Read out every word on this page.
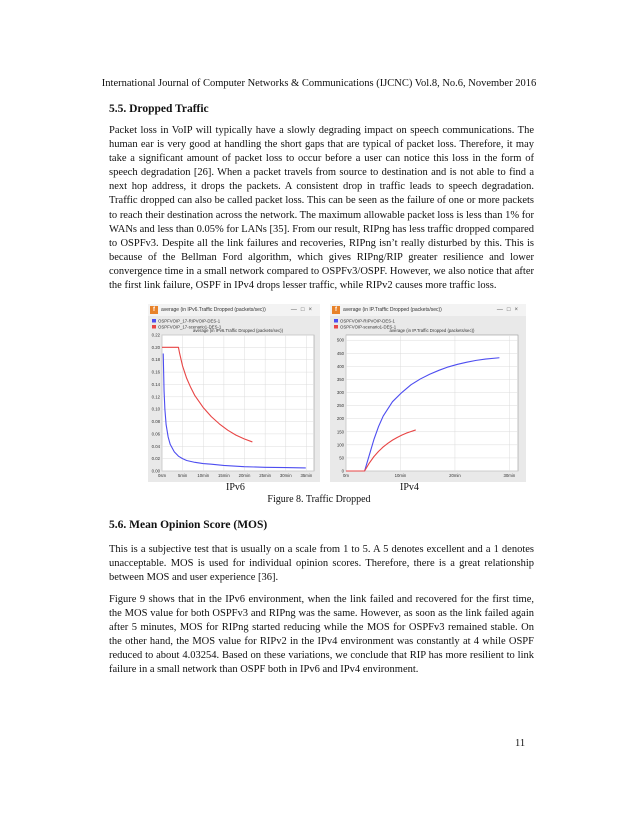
International Journal of Computer Networks & Communications (IJCNC) Vol.8, No.6, November 2016
5.5. Dropped Traffic

Packet loss in VoIP will typically have a slowly degrading impact on speech communications. The human ear is very good at handling the short gaps that are typical of packet loss. Therefore, it may take a significant amount of packet loss to occur before a user can notice this loss in the form of speech degradation [26]. When a packet travels from source to destination and is not able to find a next hop address, it drops the packets. A consistent drop in traffic leads to speech degradation. Traffic dropped can also be called packet loss. This can be seen as the failure of one or more packets to reach their destination across the network. The maximum allowable packet loss is less than 1% for WANs and less than 0.05% for LANs [35]. From our result, RIPng has less traffic dropped compared to OSPFv3. Despite all the link failures and recoveries, RIPng isn’t really disturbed by this. This is because of the Bellman Ford algorithm, which gives RIPng/RIP greater resilience and lower convergence time in a small network compared to OSPFv3/OSPF. However, we also notice that after the first link failure, OSPF in IPv4 drops lesser traffic, while RIPv2 causes more traffic loss.

f average (in IPv6.Traffic Dropped (packets/sec))	—□×
OSPFVOIP_17-RIPVOIP-DES-1
OSPFVOIP_17-scenario1-DES-1
average (in IPv6.Traffic Dropped (packets/sec))
0.00
0.02
0.04
0.06
0.08
0.10
0.12
0.14
0.16
0.18
0.20
0.22
0sm	5min 10min 15min 20min 25min 30min 35min
f average (in IP.Traffic Dropped (packets/sec))	—□×
OSPFVOIP-RIPVOIP-DES-1
OSPFVOIP-scenario1-DES-1
average (in IP.Traffic Dropped (packets/sec))
0
50
100
150
200
250
300
350
400
450
500
0m	10min	20min	30min
IPv6	IPv4
Figure 8. Traffic Dropped
5.6. Mean Opinion Score (MOS)

This is a subjective test that is usually on a scale from 1 to 5. A 5 denotes excellent and a 1 denotes unacceptable. MOS is used for individual opinion scores. Therefore, there is a great relationship between MOS and user experience [36].

Figure 9 shows that in the IPv6 environment, when the link failed and recovered for the first time, the MOS value for both OSPFv3 and RIPng was the same. However, as soon as the link failed again after 5 minutes, MOS for RIPng started reducing while the MOS for OSPFv3 remained stable. On the other hand, the MOS value for RIPv2 in the IPv4 environment was constantly at 4 while OSPF reduced to about 4.03254. Based on these variations, we conclude that RIP has more resilient to link failure in a small network than OSPF both in IPv6 and IPv4 environment.

11
